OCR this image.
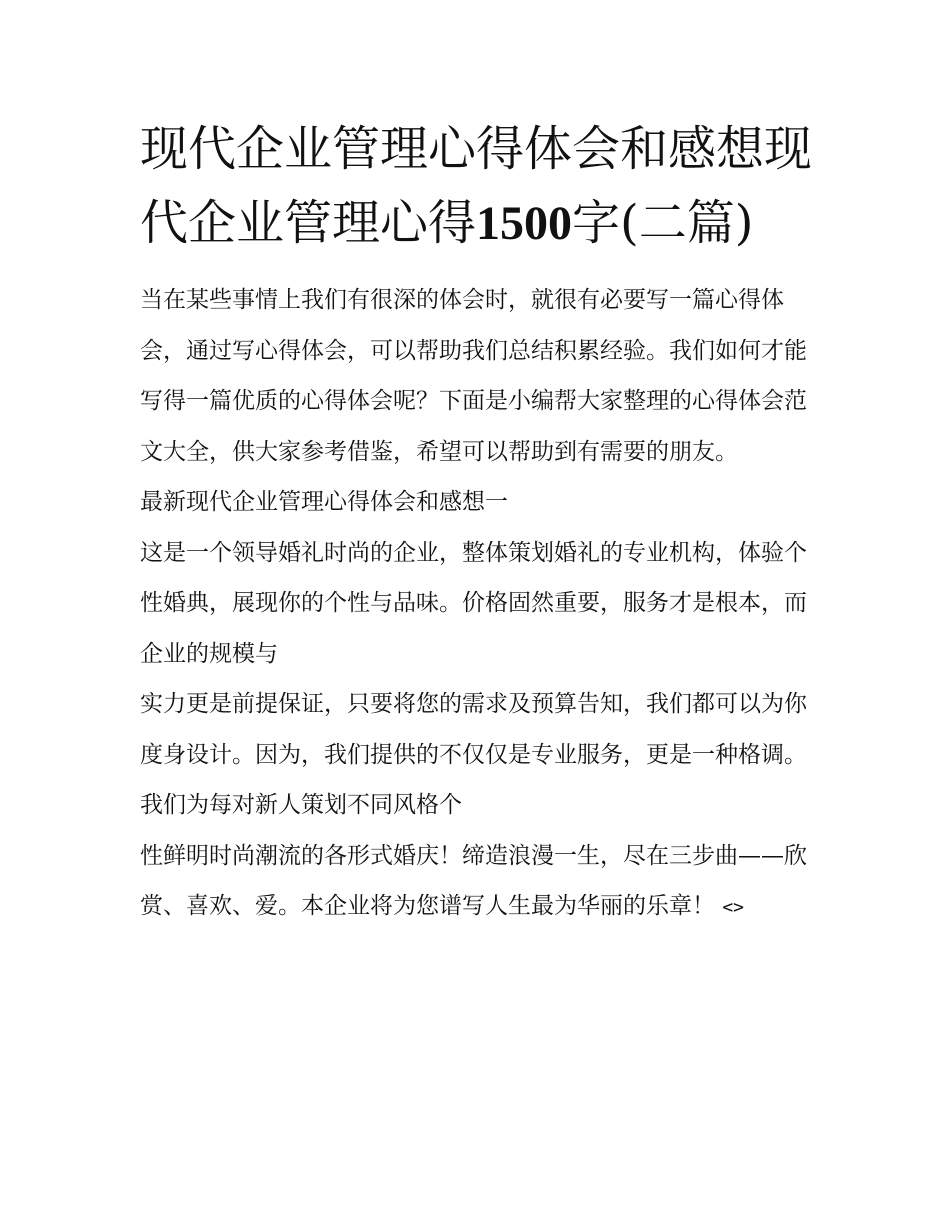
现代企业管理心得体会和感想现代企业管理心得1500字(二篇)

当在某些事情上我们有很深的体会时，就很有必要写一篇心得体会，通过写心得体会，可以帮助我们总结积累经验。我们如何才能写得一篇优质的心得体会呢？下面是小编帮大家整理的心得体会范文大全，供大家参考借鉴，希望可以帮助到有需要的朋友。

最新现代企业管理心得体会和感想一

这是一个领导婚礼时尚的企业，整体策划婚礼的专业机构，体验个性婚典，展现你的个性与品味。价格固然重要，服务才是根本，而企业的规模与

实力更是前提保证，只要将您的需求及预算告知，我们都可以为你度身设计。因为，我们提供的不仅仅是专业服务，更是一种格调。我们为每对新人策划不同风格个

性鲜明时尚潮流的各形式婚庆！缔造浪漫一生，尽在三步曲——欣赏、喜欢、爱。本企业将为您谱写人生最为华丽的乐章！ <>
